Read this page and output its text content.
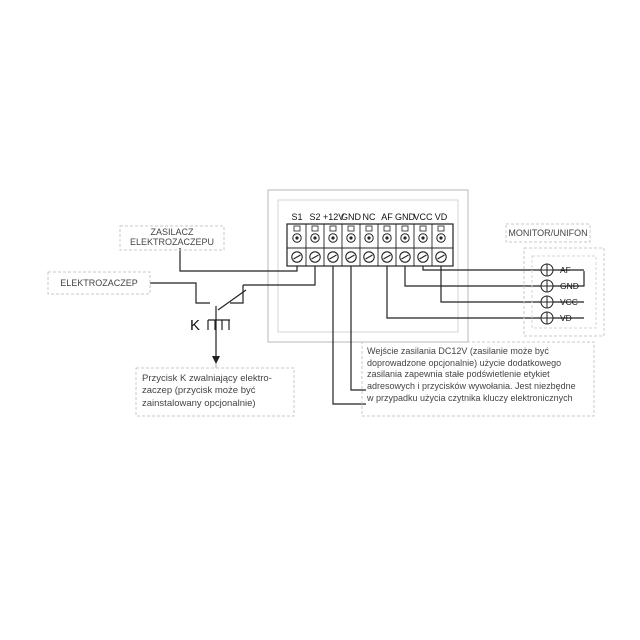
S1 S2 +12V
GND NC AF GND
VCC VD
ZASILACZ
ELEKTROZACZEPU
ELEKTROZACZEP
MONITOR/UNIFON
K
Przycisk K zwalniający elektro-
zaczep (przycisk może być
zainstalowany opcjonalnie)
Wejście zasilania DC12V (zasilanie może być
doprowadzone opcjonalnie) użycie dodatkowego
zasilania zapewnia stałe podświetlenie etykiet
adresowych i przycisków wywołania. Jest niezbędne
w przypadku użycia czytnika kluczy elektronicznych
AF
GND
VCC
VD
